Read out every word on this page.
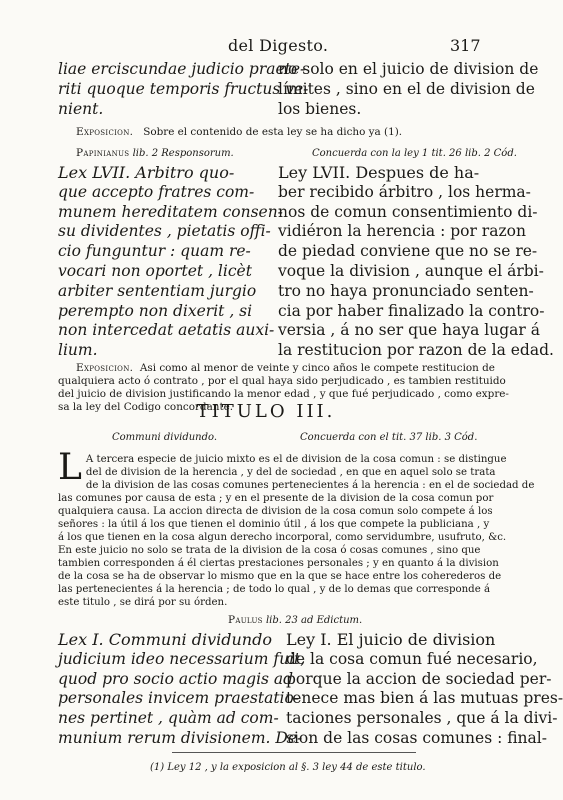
del Digesto.	317
liae erciscundae judicio praete-
riti quoque temporis fructus ve-
nient.
no solo en el juicio de division de
límites , sino en el de division de
los bienes.
Exposicion. Sobre el contenido de esta ley se ha dicho ya (1).
Papinianus lib. 2 Responsorum.	Concuerda con la ley 1 tit. 26 lib. 2 Cód.
Lex LVII. Arbitro quo-
que accepto fratres com-
munem hereditatem consen-
su dividentes , pietatis offi-
cio funguntur : quam re-
vocari non oportet , licèt
arbiter sententiam jurgio
perempto non dixerit , si
non intercedat aetatis auxi-
lium.
Ley LVII. Despues de ha-
ber recibido árbitro , los herma-
nos de comun consentimiento di-
vidiéron la herencia : por razon
de piedad conviene que no se re-
voque la division , aunque el árbi-
tro no haya pronunciado senten-
cia por haber finalizado la contro-
versia , á no ser que haya lugar á
la restitucion por razon de la edad.
Exposicion. Asi como al menor de veinte y cinco años le compete restitucion de
qualquiera acto ó contrato , por el qual haya sido perjudicado , es tambien restituido
del juicio de division justificando la menor edad , y que fué perjudicado , como expre-
sa la ley del Codigo concordante.
TITULO III.
Communi dividundo.	Concuerda con el tit. 37 lib. 3 Cód.
L A tercera especie de juicio mixto es el de division de la cosa comun : se distingue
del de division de la herencia , y del de sociedad , en que en aquel solo se trata
de la division de las cosas comunes pertenecientes á la herencia : en el de sociedad de
las comunes por causa de esta ; y en el presente de la division de la cosa comun por
qualquiera causa. La accion directa de division de la cosa comun solo compete á los
señores : la útil á los que tienen el dominio útil , á los que compete la publiciana , y
á los que tienen en la cosa algun derecho incorporal, como servidumbre, usufruto, &c.
En este juicio no solo se trata de la division de la cosa ó cosas comunes , sino que
tambien corresponden á él ciertas prestaciones personales ; y en quanto á la division
de la cosa se ha de observar lo mismo que en la que se hace entre los coherederos de
las pertenecientes á la herencia ; de todo lo qual , y de lo demas que corresponde á
este titulo , se dirá por su órden.
Paulus lib. 23 ad Edictum.
Lex I. Communi dividundo
judicium ideo necessarium fuit,
quod pro socio actio magis ad
personales invicem praestatio-
nes pertinet , quàm ad com-
munium rerum divisionem. De-
Ley I. El juicio de division
de la cosa comun fué necesario,
porque la accion de sociedad per-
tenece mas bien á las mutuas pres-
taciones personales , que á la divi-
sion de las cosas comunes : final-
(1) Ley 12 , y la exposicion al §. 3 ley 44 de este titulo.
